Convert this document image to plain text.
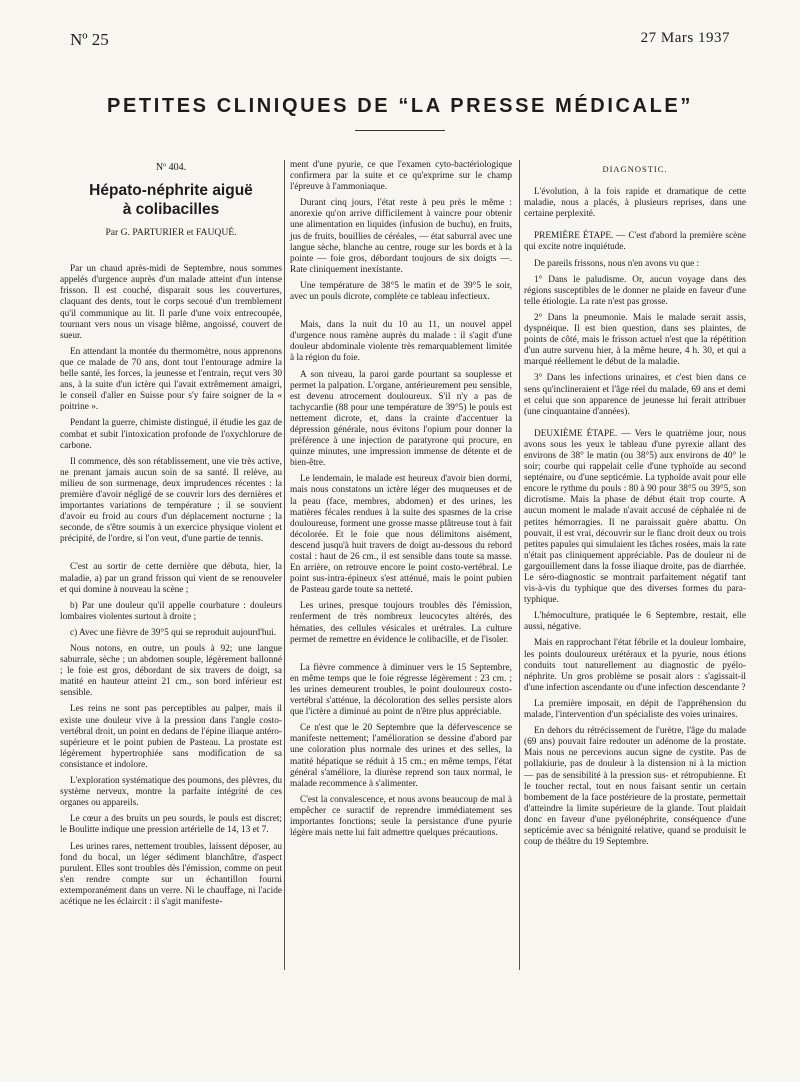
Nº 25	27 Mars 1937
PETITES CLINIQUES DE “LA PRESSE MÉDICALE”
Nº 404.
Hépato-néphrite aiguë
à colibacilles
Par G. PARTURIER et FAUQUÉ.

Par un chaud après-midi de Septembre, nous sommes appelés d'urgence auprès d'un malade atteint d'un intense frisson. Il est couché, disparait sous les couvertures, claquant des dents, tout le corps secoué d'un tremblement qu'il communique au lit. Il parle d'une voix entrecoupée, tournant vers nous un visage blême, angoissé, couvert de sueur.

En attendant la montée du thermomètre, nous apprenons que ce malade de 70 ans, dont tout l'entourage admire la belle santé, les forces, la jeunesse et l'entrain, reçut vers 30 ans, à la suite d'un ictère qui l'avait extrêmement amaigri, le conseil d'aller en Suisse pour s'y faire soigner de la « poitrine ».

Pendant la guerre, chimiste distingué, il étudie les gaz de combat et subit l'intoxication profonde de l'oxychlorure de carbone.

Il commence, dès son rétablissement, une vie très active, ne prenant jamais aucun soin de sa santé. Il relève, au milieu de son surmenage, deux imprudences récentes : la première d'avoir négligé de se couvrir lors des dernières et importantes variations de température ; il se souvient d'avoir eu froid au cours d'un déplacement nocturne ; la seconde, de s'être soumis à un exercice physique violent et précipité, de l'ordre, si l'on veut, d'une partie de tennis.

C'est au sortir de cette dernière que débuta, hier, la maladie, a) par un grand frisson qui vient de se renouveler et qui domine à nouveau la scène ;

b) Par une douleur qu'il appelle courbature : douleurs lombaires violentes surtout à droite ;

c) Avec une fièvre de 39°5 qui se reproduit aujourd'hui.

Nous notons, en outre, un pouls à 92; une langue saburrale, sèche ; un abdomen souple, légèrement ballonné ; le foie est gros, débordant de six travers de doigt, sa matité en hauteur atteint 21 cm., son bord inférieur est sensible.

Les reins ne sont pas perceptibles au palper, mais il existe une douleur vive à la pression dans l'angle costo-vertébral droit, un point en dedans de l'épine iliaque antéro-supérieure et le point pubien de Pasteau. La prostate est légèrement hypertrophiée sans modification de sa consistance et indolore.

L'exploration systématique des poumons, des plèvres, du système nerveux, montre la parfaite intégrité de ces organes ou appareils.

Le cœur a des bruits un peu sourds, le pouls est discret; le Boulitte indique une pression artérielle de 14, 13 et 7.

Les urines rares, nettement troubles, laissent déposer, au fond du bocal, un léger sédiment blanchâtre, d'aspect purulent. Elles sont troubles dès l'émission, comme on peut s'en rendre compte sur un échantillon fourni extemporanément dans un verre. Ni le chauffage, ni l'acide acétique ne les éclaircit : il s'agit manifeste-

ment d'une pyurie, ce que l'examen cyto-bactériologique confirmera par la suite et ce qu'exprime sur le champ l'épreuve à l'ammoniaque.

Durant cinq jours, l'état reste à peu près le même : anorexie qu'on arrive difficilement à vaincre pour obtenir une alimentation en liquides (infusion de buchu), en fruits, jus de fruits, bouillies de céréales, — état saburral avec une langue sèche, blanche au centre, rouge sur les bords et à la pointe — foie gros, débordant toujours de six doigts —. Rate cliniquement inexistante.

Une température de 38°5 le matin et de 39°5 le soir, avec un pouls dicrote, complète ce tableau infectieux.

Mais, dans la nuit du 10 au 11, un nouvel appel d'urgence nous ramène auprès du malade : il s'agit d'une douleur abdominale violente très remarquablement limitée à la région du foie.

A son niveau, la paroi garde pourtant sa souplesse et permet la palpation. L'organe, antérieurement peu sensible, est devenu atrocement douloureux. S'il n'y a pas de tachycardie (88 pour une température de 39°5) le pouls est nettement dicrote, et, dans la crainte d'accentuer la dépression générale, nous évitons l'opium pour donner la préférence à une injection de paratyrone qui procure, en quinze minutes, une impression immense de détente et de bien-être.

Le lendemain, le malade est heureux d'avoir bien dormi, mais nous constatons un ictère léger des muqueuses et de la peau (face, membres, abdomen) et des urines, les matières fécales rendues à la suite des spasmes de la crise douloureuse, forment une grosse masse plâtreuse tout à fait décolorée. Et le foie que nous délimitons aisément, descend jusqu'à huit travers de doigt au-dessous du rebord costal : haut de 26 cm., il est sensible dans toute sa masse. En arrière, on retrouve encore le point costo-vertébral. Le point sus-intra-épineux s'est atténué, mais le point pubien de Pasteau garde toute sa netteté.

Les urines, presque toujours troubles dès l'émission, renferment de très nombreux leucocytes altérés, des hématies, des cellules vésicales et urétrales. La culture permet de remettre en évidence le colibacille, et de l'isoler.

La fièvre commence à diminuer vers le 15 Septembre, en même temps que le foie régresse légèrement : 23 cm. ; les urines demeurent troubles, le point douloureux costo-vertébral s'atténue, la décoloration des selles persiste alors que l'ictère a diminué au point de n'être plus appréciable.

Ce n'est que le 20 Septembre que la défervescence se manifeste nettement; l'amélioration se dessine d'abord par une coloration plus normale des urines et des selles, la matité hépatique se réduit à 15 cm.; en même temps, l'état général s'améliore, la diurèse reprend son taux normal, le malade recommence à s'alimenter.

C'est la convalescence, et nous avons beaucoup de mal à empêcher ce suractif de reprendre immédiatement ses importantes fonctions; seule la persistance d'une pyurie légère mais nette lui fait admettre quelques précautions.

DIAGNOSTIC.

L'évolution, à la fois rapide et dramatique de cette maladie, nous a placés, à plusieurs reprises, dans une certaine perplexité.

PREMIÈRE ÉTAPE. — C'est d'abord la première scène qui excite notre inquiétude.

De pareils frissons, nous n'en avons vu que :

1° Dans le paludisme. Or, aucun voyage dans des régions susceptibles de le donner ne plaide en faveur d'une telle étiologie. La rate n'est pas grosse.

2° Dans la pneumonie. Mais le malade serait assis, dyspnéique. Il est bien question, dans ses plaintes, de points de côté, mais le frisson actuel n'est que la répétition d'un autre survenu hier, à la même heure, 4 h. 30, et qui a marqué réellement le début de la maladie.

3° Dans les infections urinaires, et c'est bien dans ce sens qu'inclineraient et l'âge réel du malade, 69 ans et demi et celui que son apparence de jeunesse lui ferait attribuer (une cinquantaine d'années).

DEUXIÈME ÉTAPE. — Vers le quatrième jour, nous avons sous les yeux le tableau d'une pyrexie allant des environs de 38° le matin (ou 38°5) aux environs de 40° le soir; courbe qui rappelait celle d'une typhoïde au second septénaire, ou d'une septicémie. La typhoïde avait pour elle encore le rythme du pouls : 80 à 90 pour 38°5 ou 39°5, son dicrotisme. Mais la phase de début était trop courte. A aucun moment le malade n'avait accusé de céphalée ni de petites hémorragies. Il ne paraissait guère abattu. On pouvait, il est vrai, découvrir sur le flanc droit deux ou trois petites papules qui simulaient les tâches rosées, mais la rate n'était pas cliniquement appréciable. Pas de douleur ni de gargouillement dans la fosse iliaque droite, pas de diarrhée. Le séro-diagnostic se montrait parfaitement négatif tant vis-à-vis du typhique que des diverses formes du para-typhique.

L'hémoculture, pratiquée le 6 Septembre, restait, elle aussi, négative.

Mais en rapprochant l'état fébrile et la douleur lombaire, les points douloureux urétéraux et la pyurie, nous étions conduits tout naturellement au diagnostic de pyélo-néphrite. Un gros problème se posait alors : s'agissait-il d'une infection ascendante ou d'une infection descendante ?

La première imposait, en dépit de l'appréhension du malade, l'intervention d'un spécialiste des voies urinaires.

En dehors du rétrécissement de l'urètre, l'âge du malade (69 ans) pouvait faire redouter un adénome de la prostate. Mais nous ne percevions aucun signe de cystite. Pas de pollakiurie, pas de douleur à la distension ni à la miction — pas de sensibilité à la pression sus- et rétropubienne. Et le toucher rectal, tout en nous faisant sentir un certain bombement de la face postérieure de la prostate, permettait d'atteindre la limite supérieure de la glande. Tout plaidait donc en faveur d'une pyélonéphrite, conséquence d'une septicémie avec sa bénignité relative, quand se produisit le coup de théâtre du 19 Septembre.
